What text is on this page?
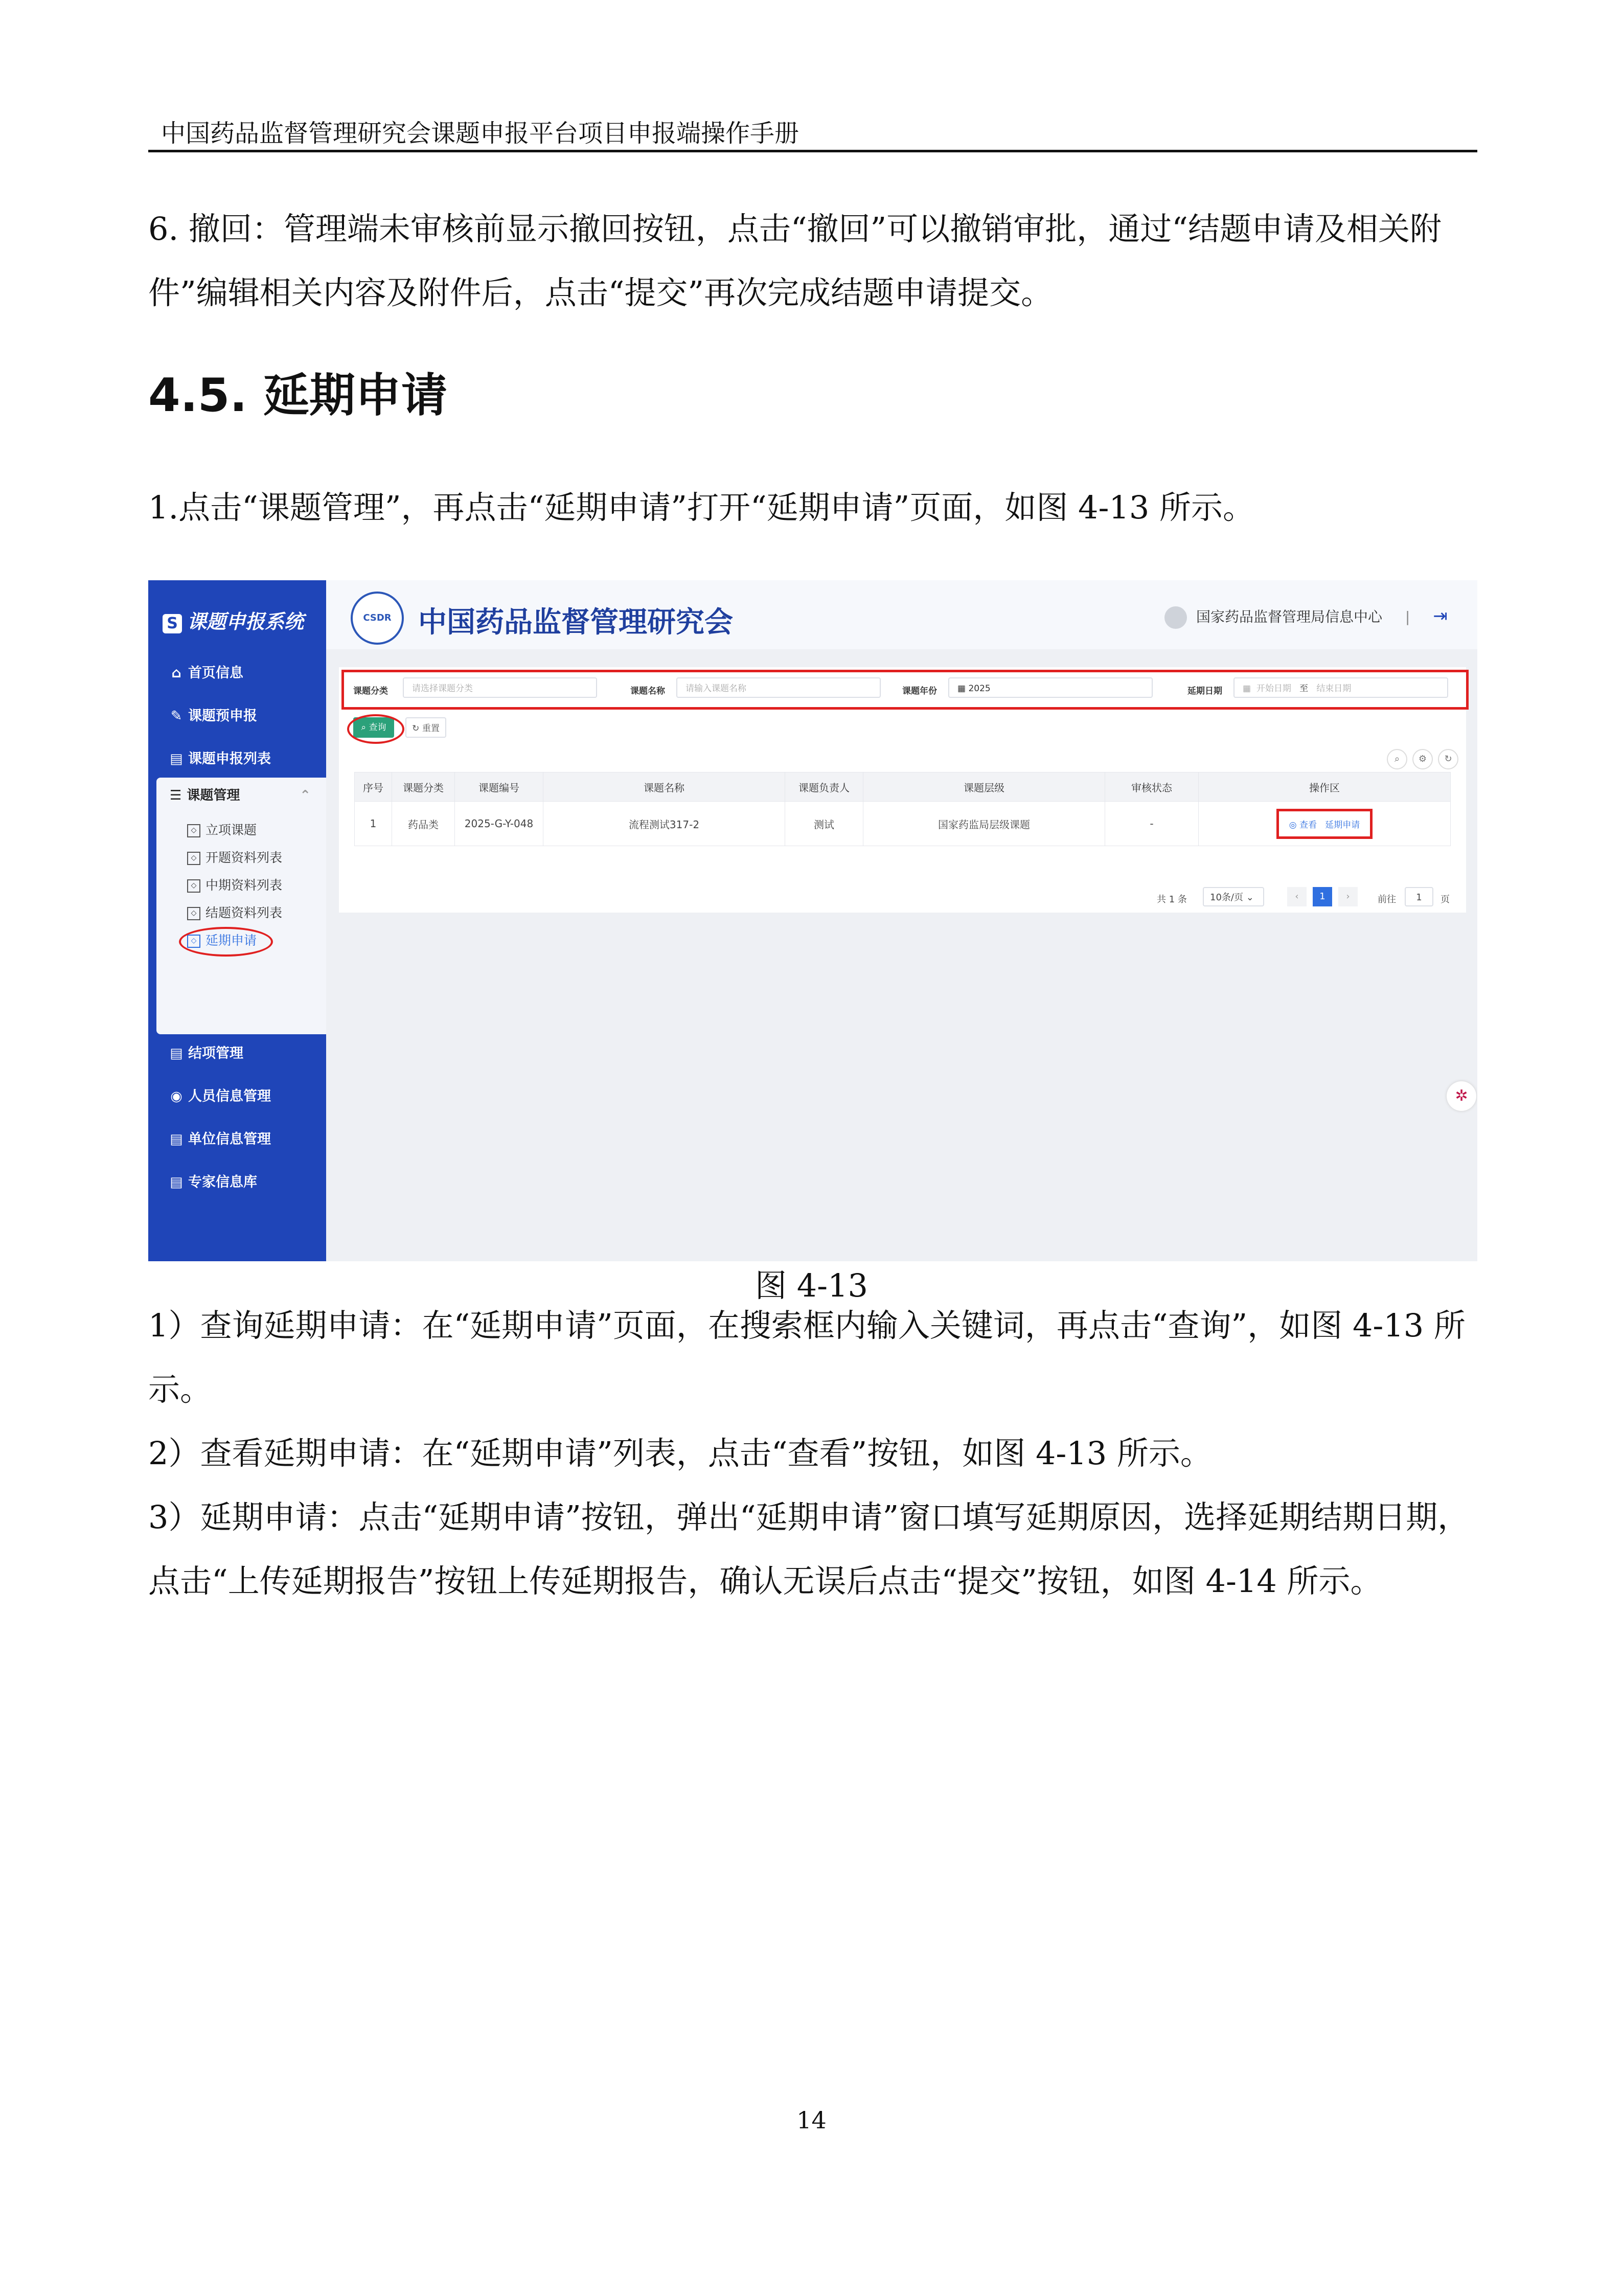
中国药品监督管理研究会课题申报平台项目申报端操作手册
6. 撤回：管理端未审核前显示撤回按钮，点击“撤回”可以撤销审批，通过“结题申请及相关附件”编辑相关内容及附件后，点击“提交”再次完成结题申请提交。
4.5. 延期申请
1.点击“课题管理”，再点击“延期申请”打开“延期申请”页面，如图 4-13 所示。
S 课题申报系统
⌂ 首页信息
✎ 课题预申报
▤ 课题申报列表
☰ 课题管理	⌃
◇ 立项课题
◇ 开题资料列表
◇ 中期资料列表
◇ 结题资料列表
◇ 延期申请
▤ 结项管理
◉ 人员信息管理
▤ 单位信息管理
▤ 专家信息库
CSDR 中国药品监督管理研究会	国家药品监督管理局信息中心 | ⇥
课题分类	请选择课题分类	课题名称	请输入课题名称	课题年份	▦ 2025	延期日期	▦  开始日期 至 结束日期
⌕ 查询	↻ 重置
⌕	⚙	↻
序号	课题分类	课题编号	课题名称	课题负责人	课题层级	审核状态	操作区
1	药品类	2025-G-Y-048	流程测试317-2	测试	国家药监局层级课题	-	◎ 查看 延期申请
共 1 条	10条/页 ⌄	‹	1	›	前往	1	页
✲
图 4-13
1）查询延期申请：在“延期申请”页面，在搜索框内输入关键词，再点击“查询”，如图 4-13 所示。
2）查看延期申请：在“延期申请”列表，点击“查看”按钮，如图 4-13 所示。
3）延期申请：点击“延期申请”按钮，弹出“延期申请”窗口填写延期原因，选择延期结期日期，点击“上传延期报告”按钮上传延期报告，确认无误后点击“提交”按钮，如图 4-14 所示。
14
